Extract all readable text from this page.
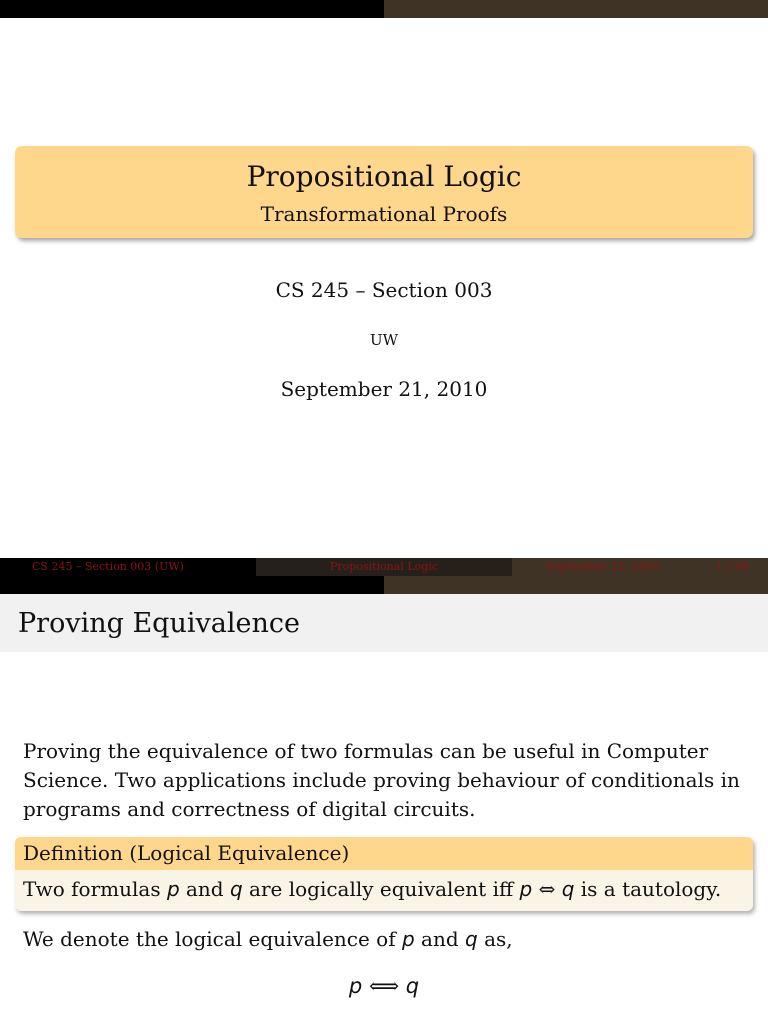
Propositional Logic
Transformational Proofs
CS 245 – Section 003
UW
September 21, 2010
CS 245 – Section 003 (UW)	Propositional Logic	September 21, 2010	1 / 24
Proving Equivalence
Proving the equivalence of two formulas can be useful in Computer Science. Two applications include proving behaviour of conditionals in programs and correctness of digital circuits.
Definition (Logical Equivalence)
Two formulas p and q are logically equivalent iff p ⇔ q is a tautology.
We denote the logical equivalence of p and q as,
p ⟺ q
